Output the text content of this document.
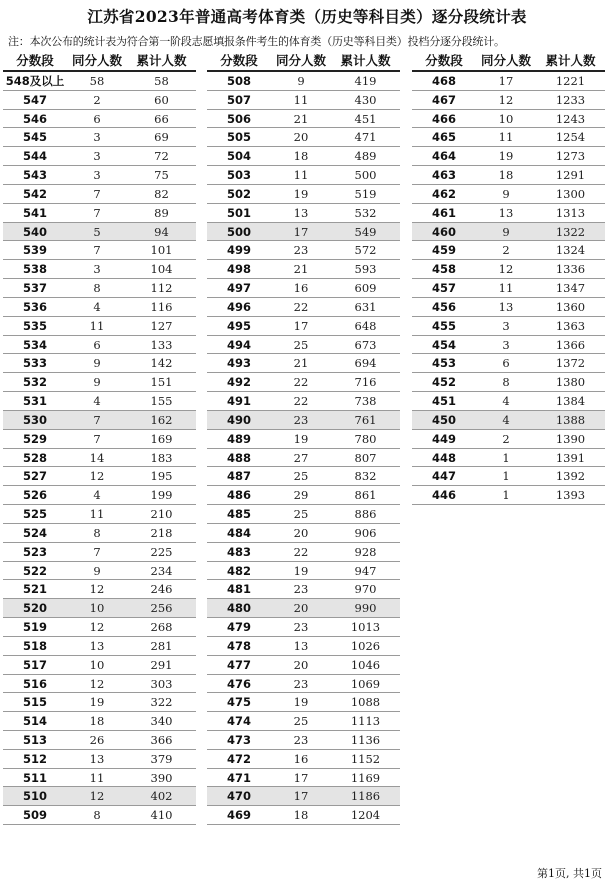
江苏省2023年普通高考体育类（历史等科目类）逐分段统计表
注：本次公布的统计表为符合第一阶段志愿填报条件考生的体育类（历史等科目类）投档分逐分段统计。
分数段	同分人数	累计人数
548及以上	58	58
547	2	60
546	6	66
545	3	69
544	3	72
543	3	75
542	7	82
541	7	89
540	5	94
539	7	101
538	3	104
537	8	112
536	4	116
535	11	127
534	6	133
533	9	142
532	9	151
531	4	155
530	7	162
529	7	169
528	14	183
527	12	195
526	4	199
525	11	210
524	8	218
523	7	225
522	9	234
521	12	246
520	10	256
519	12	268
518	13	281
517	10	291
516	12	303
515	19	322
514	18	340
513	26	366
512	13	379
511	11	390
510	12	402
509	8	410
分数段	同分人数	累计人数
508	9	419
507	11	430
506	21	451
505	20	471
504	18	489
503	11	500
502	19	519
501	13	532
500	17	549
499	23	572
498	21	593
497	16	609
496	22	631
495	17	648
494	25	673
493	21	694
492	22	716
491	22	738
490	23	761
489	19	780
488	27	807
487	25	832
486	29	861
485	25	886
484	20	906
483	22	928
482	19	947
481	23	970
480	20	990
479	23	1013
478	13	1026
477	20	1046
476	23	1069
475	19	1088
474	25	1113
473	23	1136
472	16	1152
471	17	1169
470	17	1186
469	18	1204
分数段	同分人数	累计人数
468	17	1221
467	12	1233
466	10	1243
465	11	1254
464	19	1273
463	18	1291
462	9	1300
461	13	1313
460	9	1322
459	2	1324
458	12	1336
457	11	1347
456	13	1360
455	3	1363
454	3	1366
453	6	1372
452	8	1380
451	4	1384
450	4	1388
449	2	1390
448	1	1391
447	1	1392
446	1	1393
第1页, 共1页
